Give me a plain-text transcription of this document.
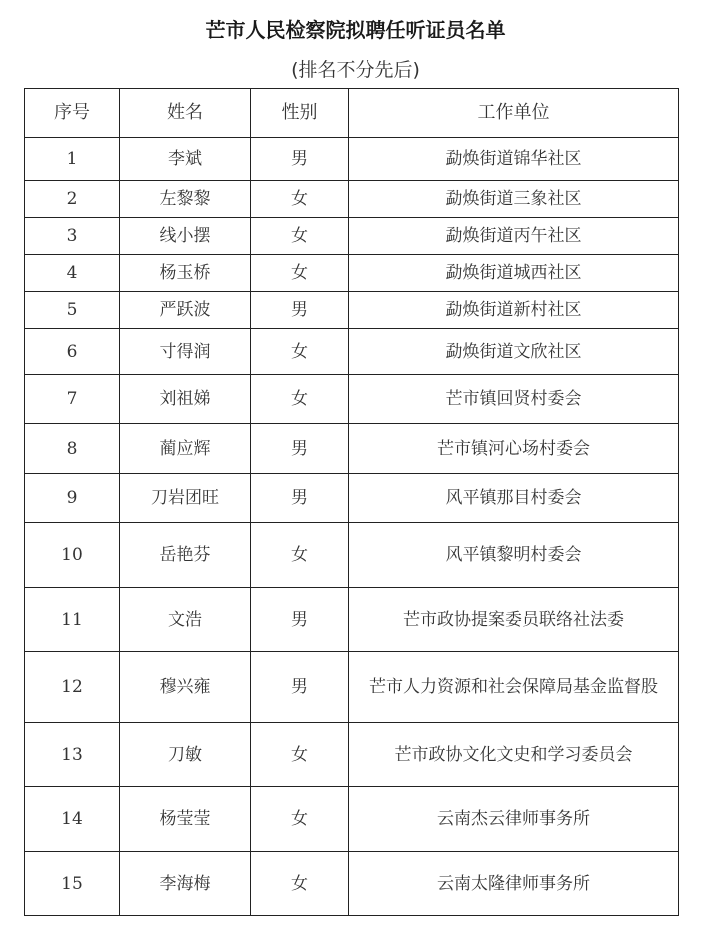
芒市人民检察院拟聘任听证员名单
(排名不分先后)
序号	姓名	性别	工作单位
1	李斌	男	勐焕街道锦华社区
2	左黎黎	女	勐焕街道三象社区
3	线小摆	女	勐焕街道丙午社区
4	杨玉桥	女	勐焕街道城西社区
5	严跃波	男	勐焕街道新村社区
6	寸得润	女	勐焕街道文欣社区
7	刘祖娣	女	芒市镇回贤村委会
8	蔺应辉	男	芒市镇河心场村委会
9	刀岩团旺	男	风平镇那目村委会
10	岳艳芬	女	风平镇黎明村委会
11	文浩	男	芒市政协提案委员联络社法委
12	穆兴雍	男	芒市人力资源和社会保障局基金监督股
13	刀敏	女	芒市政协文化文史和学习委员会
14	杨莹莹	女	云南杰云律师事务所
15	李海梅	女	云南太隆律师事务所
